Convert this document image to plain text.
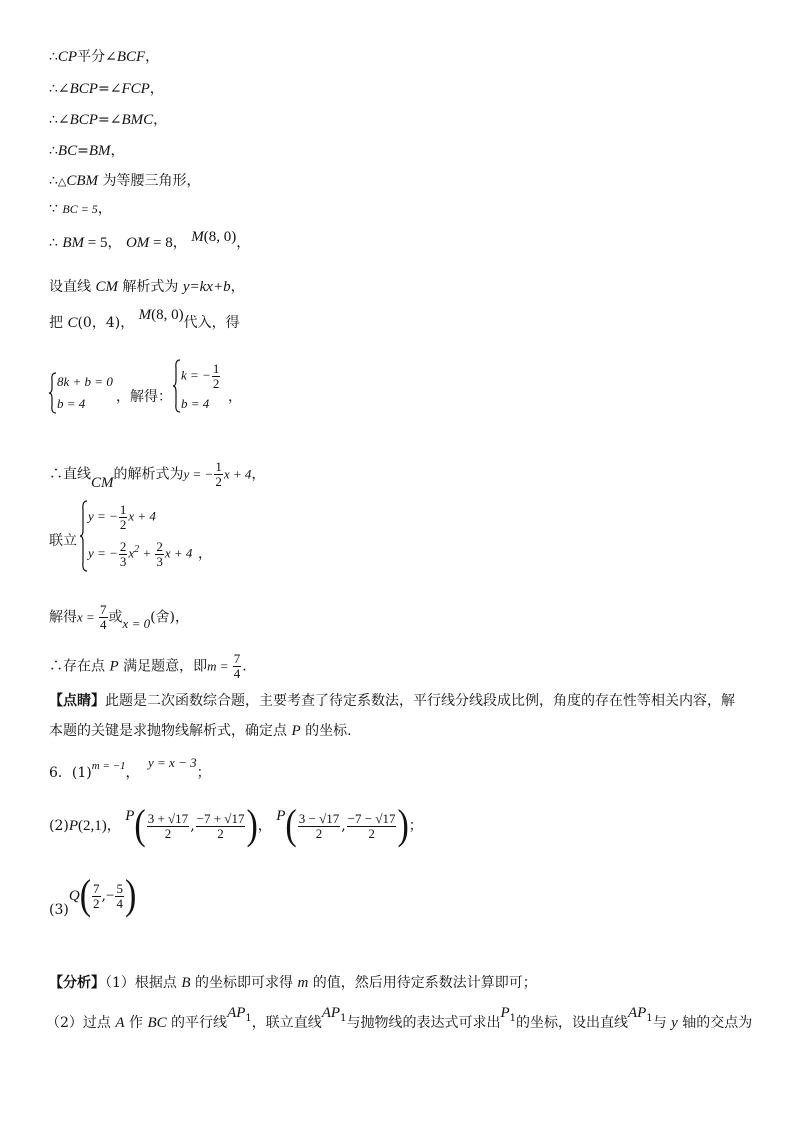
∴CP平分∠BCF，
∴∠BCP=∠FCP，
∴∠BCP=∠BMC，
∴BC=BM，
∴△CBM 为等腰三角形，
∵ BC = 5，
∴ BM = 5， OM = 8， M(8, 0)，
设直线 CM 解析式为 y=kx+b，
把 C(0，4)， M(8, 0)代入，得
8k + b = 0
b = 4 ，解得：
k = − $\frac{1}{2}$
b = 4 ，
∴直线CM的解析式为y = − $\frac{1}{2}$ x + 4，
联立
y = − $\frac{1}{2}$ x + 4
y = − $\frac{2}{3} x^2 + \frac{2}{3}$ x + 4 ，
解得$x = \frac{7}{4}$ 或x = 0(舍)，
∴存在点 P 满足题意，即$m = \frac{7}{4}$ ．
【点睛】此题是二次函数综合题，主要考查了待定系数法，平行线分线段成比例，角度的存在性等相关内容，解
本题的关键是求抛物线解析式，确定点 P 的坐标.
6．$(1)^{m = -1}$， y = x − 3；
(2)P(2,1)， $P( \frac{3 + √17}{2}$ , $\frac{-7 + √17}{2}$ )， $P( \frac{3 - √17}{2}$ , $\frac{-7 - √17}{2}$ )；
$(3)Q( \frac{7}{2}$ ,− $\frac{5}{4}$ )
【分析】（1）根据点 B 的坐标即可求得 m 的值，然后用待定系数法计算即可；
（2）过点 A 作 BC 的平行线$AP_1$，联立直线$AP_1$与抛物线的表达式可求出$P_1$的坐标，设出直线$AP_1$与 y 轴的交点为
